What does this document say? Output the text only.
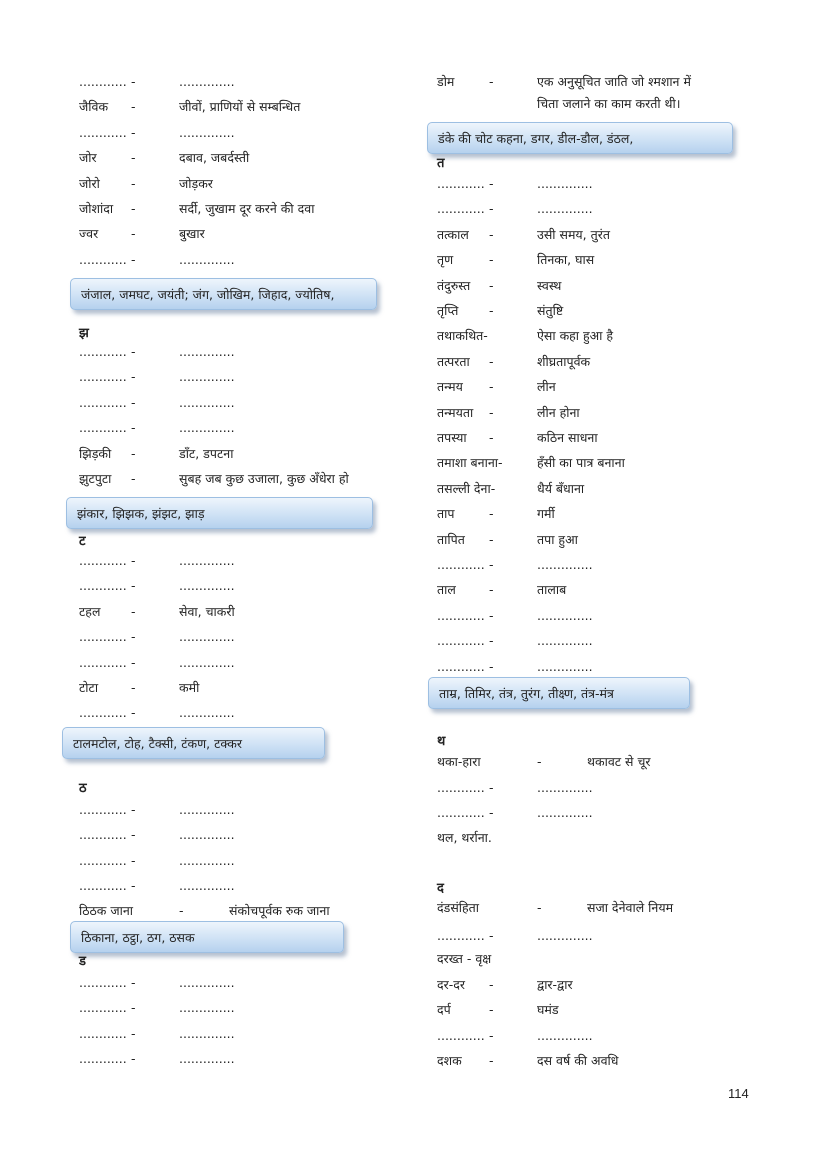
............ -	..............
जैविक -	जीवों, प्राणियों से सम्बन्धित
............ -	..............
जोर	-	दबाव, जबर्दस्ती
जोरो -	जोड़कर
जोशांदा -	सर्दी, जुखाम दूर करने की दवा
ज्वर	-	बुखार
............ -	..............
जंजाल, जमघट, जयंती; जंग, जोखिम, जिहाद, ज्योतिष,
झ
............ -	..............
............ -	..............
............ -	..............
............ -	..............
झिड़की -	डाँट, डपटना
झुटपुटा -	सुबह जब कुछ उजाला, कुछ अँधेरा हो
झंकार, झिझक, झंझट, झाड़
ट
............ -	..............
............ -	..............
टहल -	सेवा, चाकरी
............ -	..............
............ -	..............
टोटा	-	कमी
............ -	..............
टालमटोल, टोह, टैक्सी, टंकण, टक्कर
ठ
............ -	..............
............ -	..............
............ -	..............
............ -	..............
ठिठक जाना	-	संकोचपूर्वक रुक जाना
ठिकाना, ठट्ठा, ठग, ठसक
ड
............ -	..............
............ -	..............
............ -	..............
............ -	..............
डोम	-	एक अनुसूचित जाति जो श्मशान में
चिता जलाने का काम करती थी।
डंके की चोट कहना, डगर, डील-डौल, डंठल,
त
............ -	..............
............ -	..............
तत्काल -	उसी समय, तुरंत
तृण	-	तिनका, घास
तंदुरुस्त -	स्वस्थ
तृप्ति -	संतुष्टि
तथाकथित-	ऐसा कहा हुआ है
तत्परता -	शीघ्रतापूर्वक
तन्मय -	लीन
तन्मयता -	लीन होना
तपस्या -	कठिन साधना
तमाशा बनाना-	हँसी का पात्र बनाना
तसल्ली देना-	धैर्य बँधाना
ताप	-	गर्मी
तापित -	तपा हुआ
............ -	..............
ताल	-	तालाब
............ -	..............
............ -	..............
............ -	..............
ताम्र, तिमिर, तंत्र, तुरंग, तीक्ष्ण, तंत्र-मंत्र
थ
थका-हारा	-	थकावट से चूर
............ -	..............
............ -	..............
थल, थर्राना.
द
दंडसंहिता	-	सजा देनेवाले नियम
............ -	..............
दरख्त - वृक्ष
दर-दर -	द्वार-द्वार
दर्प	-	घमंड
............ -	..............
दशक -	दस वर्ष की अवधि
114
